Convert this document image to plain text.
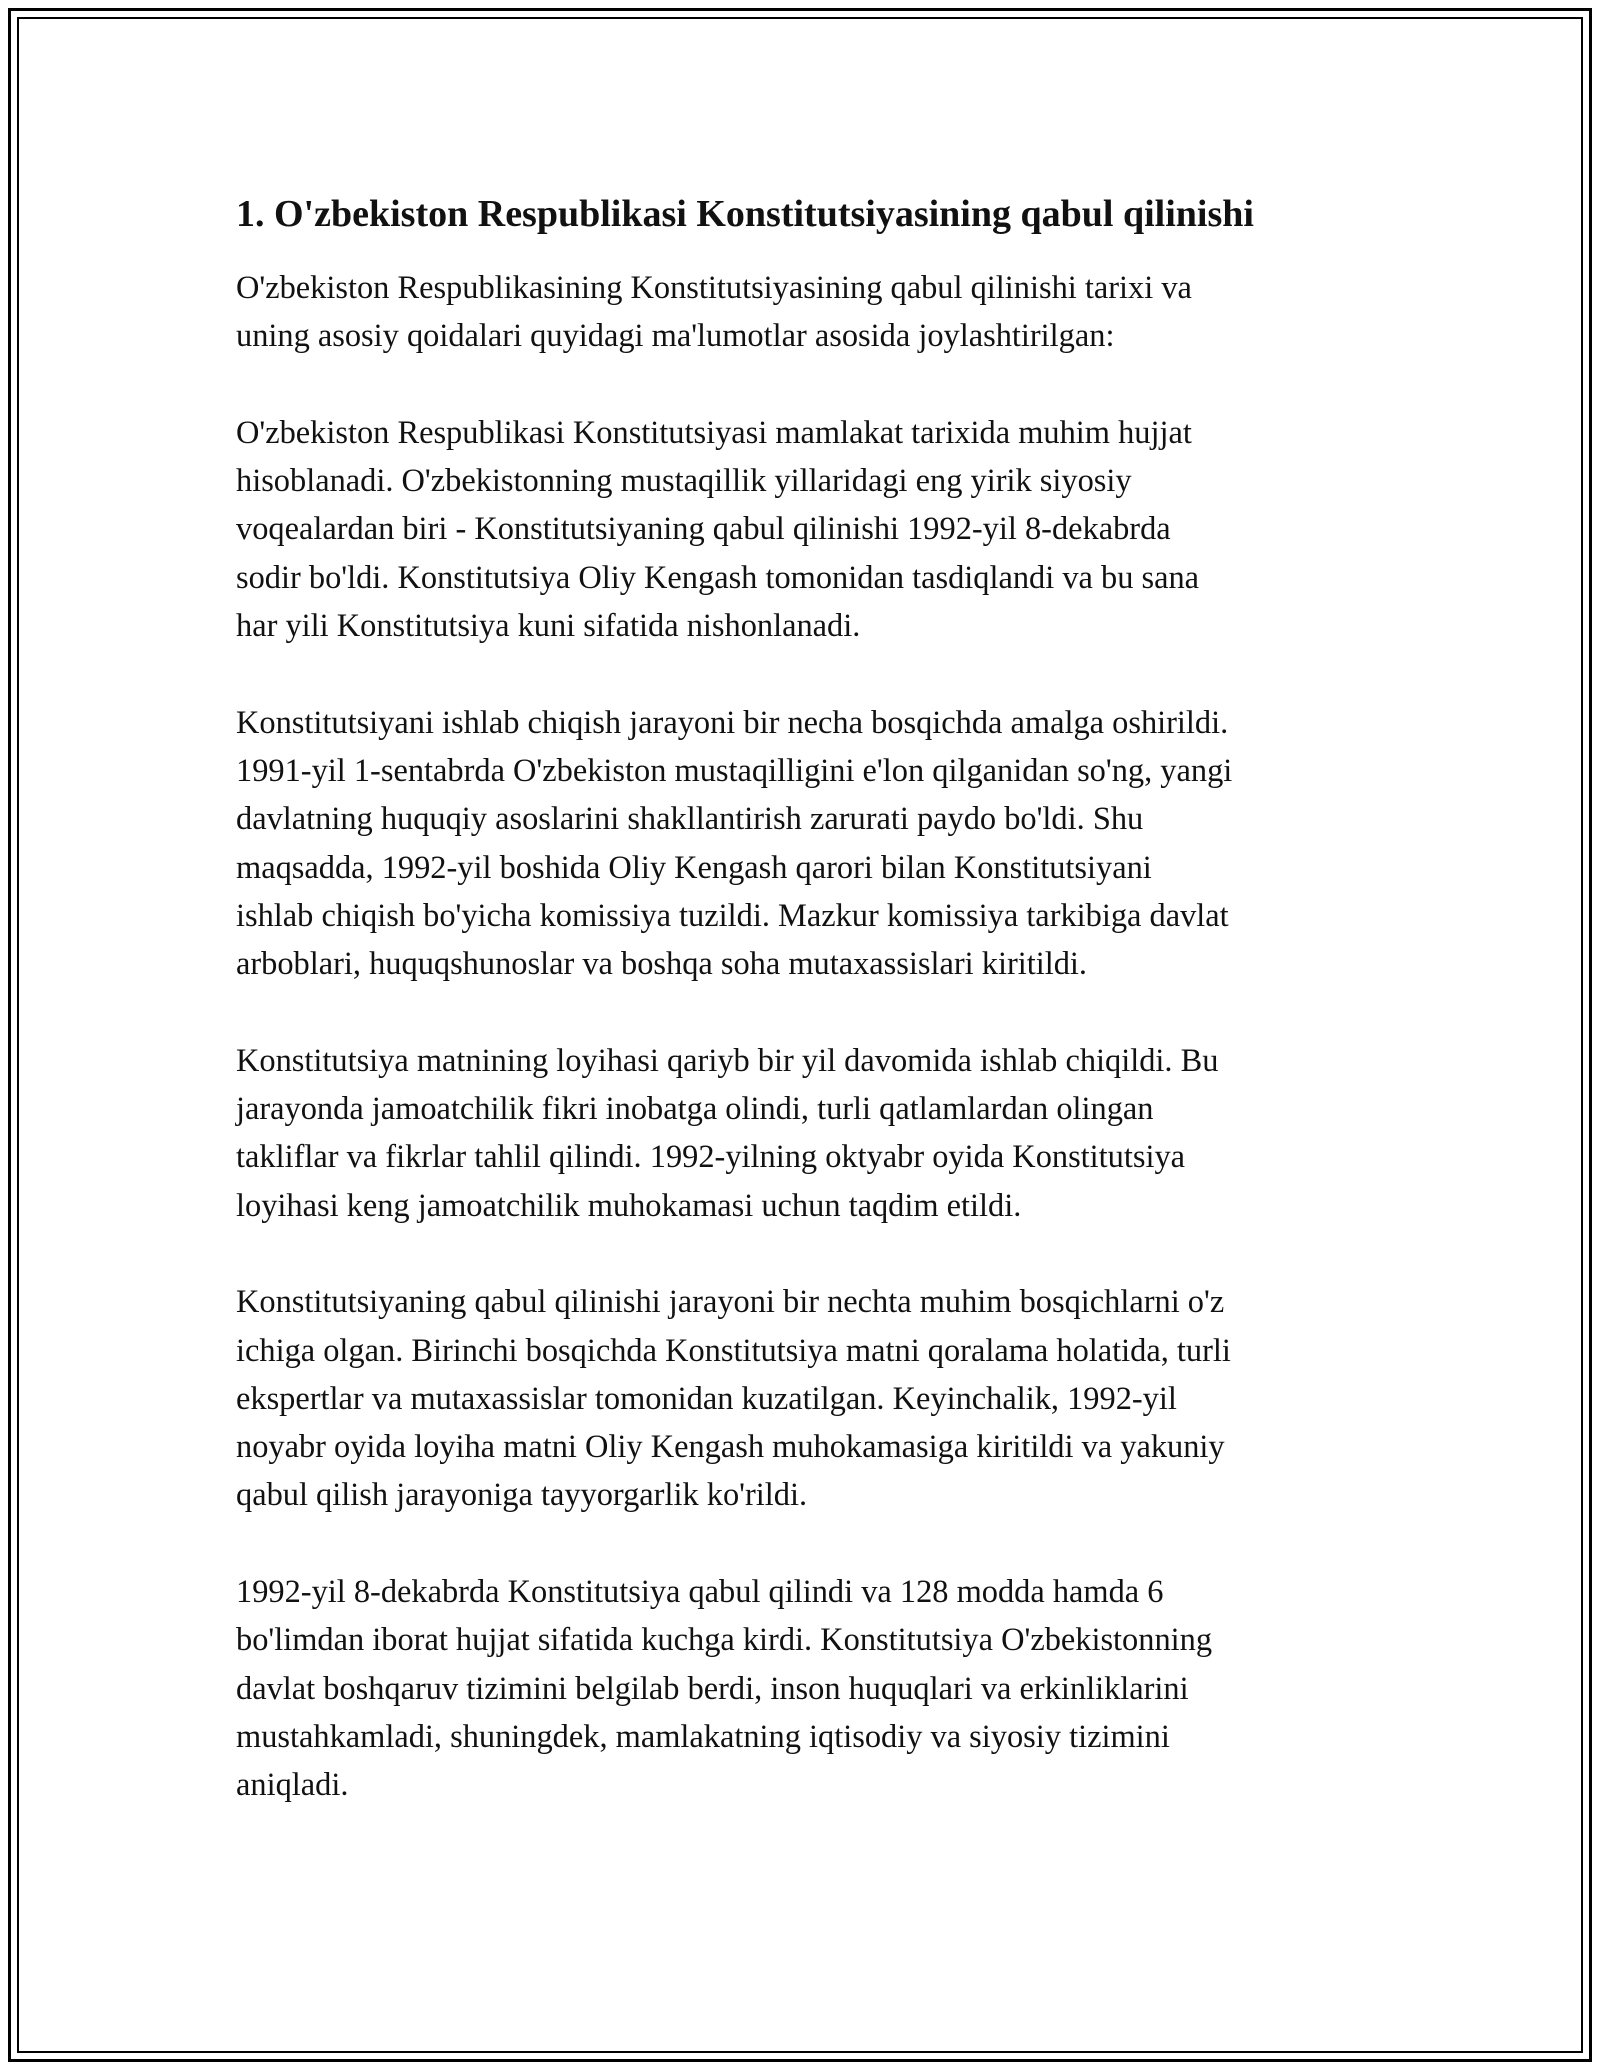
1. O'zbekiston Respublikasi Konstitutsiyasining qabul qilinishi

O'zbekiston Respublikasining Konstitutsiyasining qabul qilinishi tarixi va
uning asosiy qoidalari quyidagi ma'lumotlar asosida joylashtirilgan:

O'zbekiston Respublikasi Konstitutsiyasi mamlakat tarixida muhim hujjat
hisoblanadi. O'zbekistonning mustaqillik yillaridagi eng yirik siyosiy
voqealardan biri - Konstitutsiyaning qabul qilinishi 1992-yil 8-dekabrda
sodir bo'ldi. Konstitutsiya Oliy Kengash tomonidan tasdiqlandi va bu sana
har yili Konstitutsiya kuni sifatida nishonlanadi.

Konstitutsiyani ishlab chiqish jarayoni bir necha bosqichda amalga oshirildi.
1991-yil 1-sentabrda O'zbekiston mustaqilligini e'lon qilganidan so'ng, yangi
davlatning huquqiy asoslarini shakllantirish zarurati paydo bo'ldi. Shu
maqsadda, 1992-yil boshida Oliy Kengash qarori bilan Konstitutsiyani
ishlab chiqish bo'yicha komissiya tuzildi. Mazkur komissiya tarkibiga davlat
arboblari, huquqshunoslar va boshqa soha mutaxassislari kiritildi.

Konstitutsiya matnining loyihasi qariyb bir yil davomida ishlab chiqildi. Bu
jarayonda jamoatchilik fikri inobatga olindi, turli qatlamlardan olingan
takliflar va fikrlar tahlil qilindi. 1992-yilning oktyabr oyida Konstitutsiya
loyihasi keng jamoatchilik muhokamasi uchun taqdim etildi.

Konstitutsiyaning qabul qilinishi jarayoni bir nechta muhim bosqichlarni o'z
ichiga olgan. Birinchi bosqichda Konstitutsiya matni qoralama holatida, turli
ekspertlar va mutaxassislar tomonidan kuzatilgan. Keyinchalik, 1992-yil
noyabr oyida loyiha matni Oliy Kengash muhokamasiga kiritildi va yakuniy
qabul qilish jarayoniga tayyorgarlik ko'rildi.

1992-yil 8-dekabrda Konstitutsiya qabul qilindi va 128 modda hamda 6
bo'limdan iborat hujjat sifatida kuchga kirdi. Konstitutsiya O'zbekistonning
davlat boshqaruv tizimini belgilab berdi, inson huquqlari va erkinliklarini
mustahkamladi, shuningdek, mamlakatning iqtisodiy va siyosiy tizimini
aniqladi.
